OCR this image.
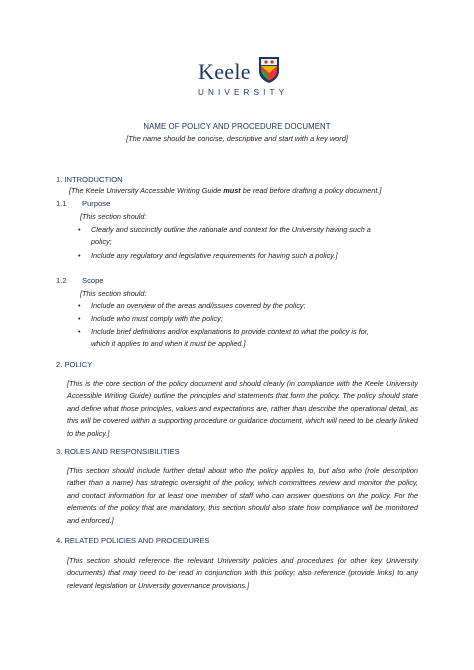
Keele
UNIVERSITY
NAME OF POLICY AND PROCEDURE DOCUMENT
[The name should be concise, descriptive and start with a key word]
1. INTRODUCTION
[The Keele University Accessible Writing Guide must be read before drafting a policy document.]
1.1 Purpose
[This section should:
• Clearly and succinctly outline the rationale and context for the University having such a
policy;
• Include any regulatory and legislative requirements for having such a policy.]
1.2 Scope
[This section should:
• Include an overview of the areas and/issues covered by the policy;
• Include who must comply with the policy;
• Include brief definitions and/or explanations to provide context to what the policy is for,
which it applies to and when it must be applied.]
2. POLICY
[This is the core section of the policy document and should clearly (in compliance with the Keele University Accessible Writing Guide) outline the principles and statements that form the policy. The policy should state and define what those principles, values and expectations are, rather than describe the operational detail, as this will be covered within a supporting procedure or guidance document, which will need to be clearly linked to the policy.]
3. ROLES AND RESPONSIBILITIES
[This section should include further detail about who the policy applies to, but also who (role description rather than a name) has strategic oversight of the policy, which committees review and monitor the policy, and contact information for at least one member of staff who can answer questions on the policy. For the elements of the policy that are mandatory, this section should also state how compliance will be monitored and enforced.]
4. RELATED POLICIES AND PROCEDURES
[This section should reference the relevant University policies and procedures (or other key University documents) that may need to be read in conjunction with this policy; also reference (provide links) to any relevant legislation or University governance provisions.]
